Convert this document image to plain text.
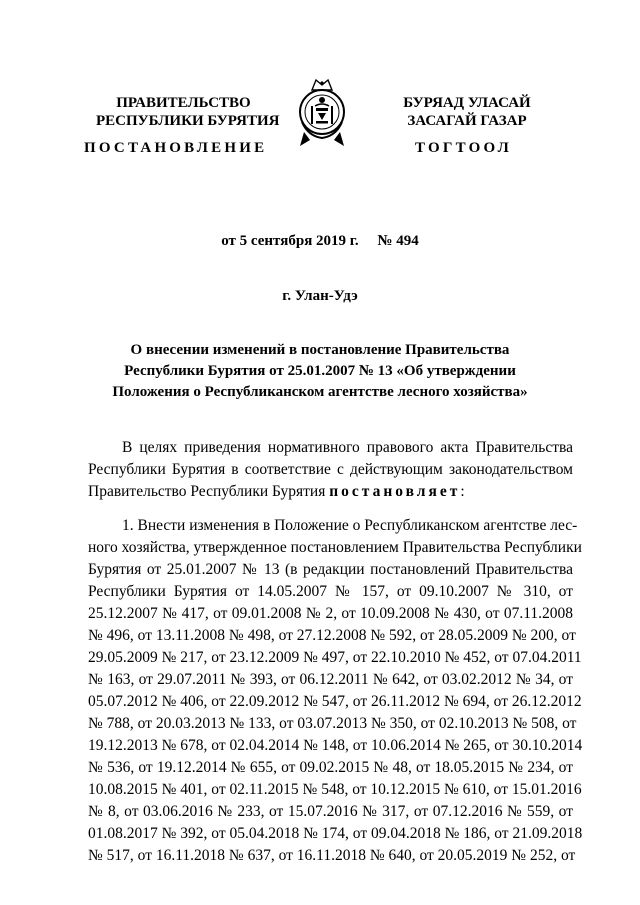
ПРАВИТЕЛЬСТВО
РЕСПУБЛИКИ БУРЯТИЯ
БУРЯАД УЛАСАЙ
ЗАСАГАЙ ГАЗАР
ПОСТАНОВЛЕНИЕ	ТОГТООЛ
от 5 сентября 2019 г.     № 494
г. Улан-Удэ
О внесении изменений в постановление Правительства
Республики Бурятия от 25.01.2007 № 13 «Об утверждении
Положения о Республиканском агентстве лесного хозяйства»
В целях приведения нормативного правового акта Правительства
Республики Бурятия в соответствие с действующим законодательством
Правительство Республики Бурятия постановляет:
1. Внести изменения в Положение о Республиканском агентстве лес-
ного хозяйства, утвержденное постановлением Правительства Республики
Бурятия от 25.01.2007 № 13 (в редакции постановлений Правительства
Республики Бурятия от 14.05.2007 № 157, от 09.10.2007 № 310, от
25.12.2007 № 417, от 09.01.2008 № 2, от 10.09.2008 № 430, от 07.11.2008
№ 496, от 13.11.2008 № 498, от 27.12.2008 № 592, от 28.05.2009 № 200, от
29.05.2009 № 217, от 23.12.2009 № 497, от 22.10.2010 № 452, от 07.04.2011
№ 163, от 29.07.2011 № 393, от 06.12.2011 № 642, от 03.02.2012 № 34, от
05.07.2012 № 406, от 22.09.2012 № 547, от 26.11.2012 № 694, от 26.12.2012
№ 788, от 20.03.2013 № 133, от 03.07.2013 № 350, от 02.10.2013 № 508, от
19.12.2013 № 678, от 02.04.2014 № 148, от 10.06.2014 № 265, от 30.10.2014
№ 536, от 19.12.2014 № 655, от 09.02.2015 № 48, от 18.05.2015 № 234, от
10.08.2015 № 401, от 02.11.2015 № 548, от 10.12.2015 № 610, от 15.01.2016
№ 8, от 03.06.2016 № 233, от 15.07.2016 № 317, от 07.12.2016 № 559, от
01.08.2017 № 392, от 05.04.2018 № 174, от 09.04.2018 № 186, от 21.09.2018
№ 517, от 16.11.2018 № 637, от 16.11.2018 № 640, от 20.05.2019 № 252, от
